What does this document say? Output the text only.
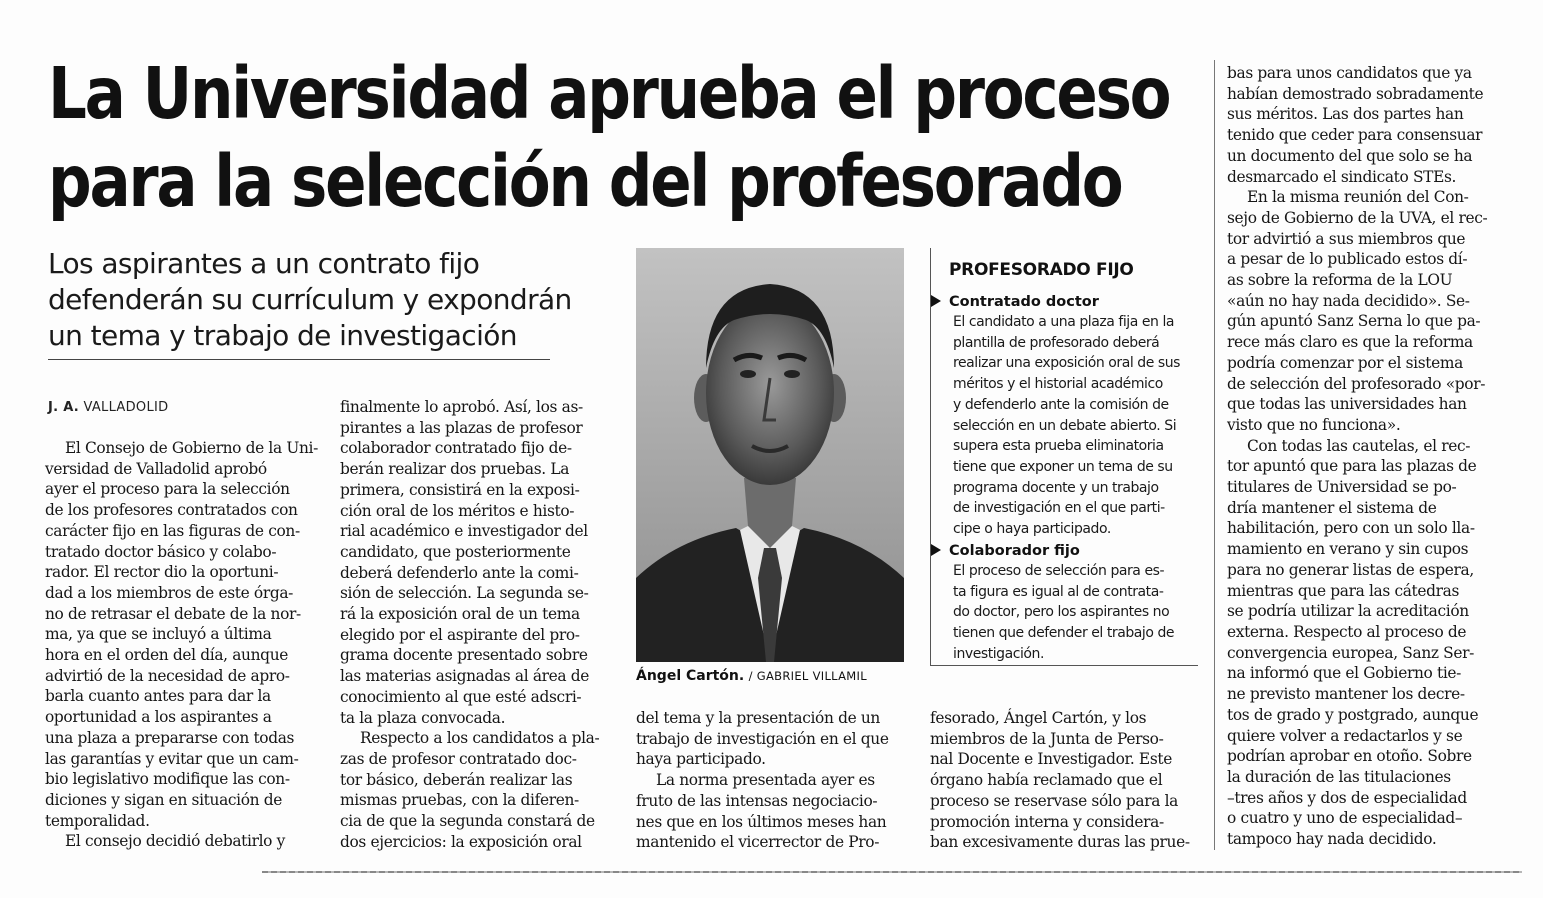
La Universidad aprueba el proceso
para la selección del profesorado
Los aspirantes a un contrato fijo
defenderán su currículum y expondrán
un tema y trabajo de investigación
J. A. VALLADOLID
El Consejo de Gobierno de la Uni-
versidad de Valladolid aprobó
ayer el proceso para la selección
de los profesores contratados con
carácter fijo en las figuras de con-
tratado doctor básico y colabo-
rador. El rector dio la oportuni-
dad a los miembros de este órga-
no de retrasar el debate de la nor-
ma, ya que se incluyó a última
hora en el orden del día, aunque
advirtió de la necesidad de apro-
barla cuanto antes para dar la
oportunidad a los aspirantes a
una plaza a prepararse con todas
las garantías y evitar que un cam-
bio legislativo modifique las con-
diciones y sigan en situación de
temporalidad.
El consejo decidió debatirlo y
finalmente lo aprobó. Así, los as-
pirantes a las plazas de profesor
colaborador contratado fijo de-
berán realizar dos pruebas. La
primera, consistirá en la exposi-
ción oral de los méritos e histo-
rial académico e investigador del
candidato, que posteriormente
deberá defenderlo ante la comi-
sión de selección. La segunda se-
rá la exposición oral de un tema
elegido por el aspirante del pro-
grama docente presentado sobre
las materias asignadas al área de
conocimiento al que esté adscri-
ta la plaza convocada.
Respecto a los candidatos a pla-
zas de profesor contratado doc-
tor básico, deberán realizar las
mismas pruebas, con la diferen-
cia de que la segunda constará de
dos ejercicios: la exposición oral
Ángel Cartón. / GABRIEL VILLAMIL
PROFESORADO FIJO
Contratado doctor
El candidato a una plaza fija en la
plantilla de profesorado deberá
realizar una exposición oral de sus
méritos y el historial académico
y defenderlo ante la comisión de
selección en un debate abierto. Si
supera esta prueba eliminatoria
tiene que exponer un tema de su
programa docente y un trabajo
de investigación en el que parti-
cipe o haya participado.
Colaborador fijo
El proceso de selección para es-
ta figura es igual al de contrata-
do doctor, pero los aspirantes no
tienen que defender el trabajo de
investigación.
del tema y la presentación de un
trabajo de investigación en el que
haya participado.
La norma presentada ayer es
fruto de las intensas negociacio-
nes que en los últimos meses han
mantenido el vicerrector de Pro-
fesorado, Ángel Cartón, y los
miembros de la Junta de Perso-
nal Docente e Investigador. Este
órgano había reclamado que el
proceso se reservase sólo para la
promoción interna y considera-
ban excesivamente duras las prue-
bas para unos candidatos que ya
habían demostrado sobradamente
sus méritos. Las dos partes han
tenido que ceder para consensuar
un documento del que solo se ha
desmarcado el sindicato STEs.
En la misma reunión del Con-
sejo de Gobierno de la UVA, el rec-
tor advirtió a sus miembros que
a pesar de lo publicado estos dí-
as sobre la reforma de la LOU
«aún no hay nada decidido». Se-
gún apuntó Sanz Serna lo que pa-
rece más claro es que la reforma
podría comenzar por el sistema
de selección del profesorado «por-
que todas las universidades han
visto que no funciona».
Con todas las cautelas, el rec-
tor apuntó que para las plazas de
titulares de Universidad se po-
dría mantener el sistema de
habilitación, pero con un solo lla-
mamiento en verano y sin cupos
para no generar listas de espera,
mientras que para las cátedras
se podría utilizar la acreditación
externa. Respecto al proceso de
convergencia europea, Sanz Ser-
na informó que el Gobierno tie-
ne previsto mantener los decre-
tos de grado y postgrado, aunque
quiere volver a redactarlos y se
podrían aprobar en otoño. Sobre
la duración de las titulaciones
–tres años y dos de especialidad
o cuatro y uno de especialidad–
tampoco hay nada decidido.
